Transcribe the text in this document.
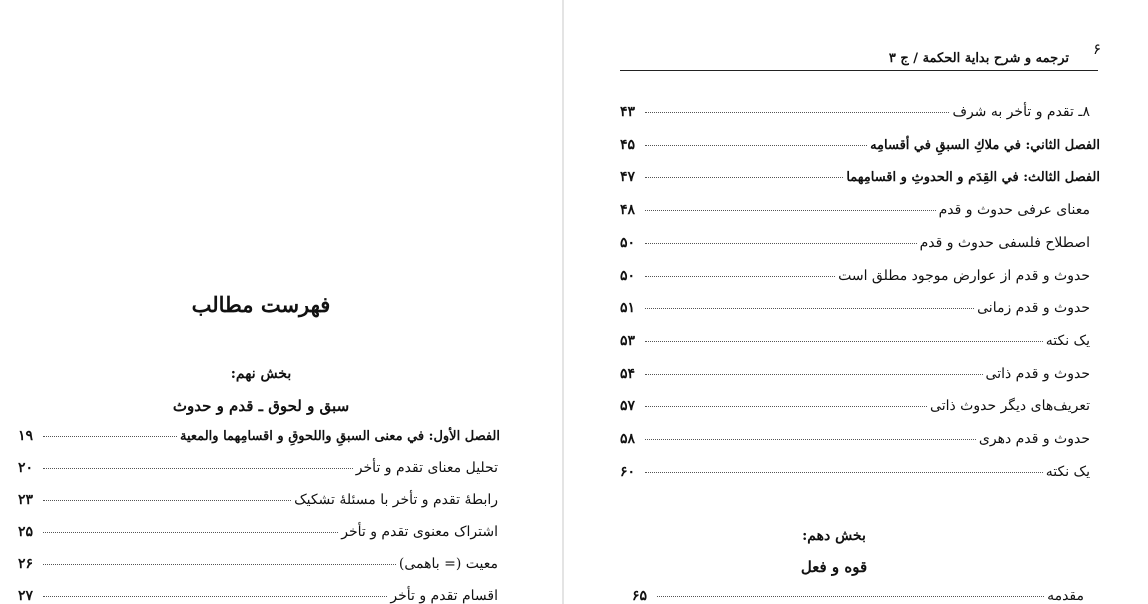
فهرست مطالب
بخش نهم:
سبق و لحوق ـ قدم و حدوث
الفصل الأول: في معنى السبقِ واللحوقِ و اقسامِهما والمعية
۱۹
تحلیل معنای تقدم و تأخر
۲۰
رابطهٔ تقدم و تأخر با مسئلهٔ تشکیک
۲۳
اشتراک معنوی تقدم و تأخر
۲۵
معیت (= باهمی)
۲۶
اقسام تقدم و تأخر
۲۷
۶
ترجمه و شرح بدایة الحکمة / ج ۳
۸ـ تقدم و تأخر به شرف
۴۳
الفصل الثاني: في ملاكِ السبقِ في أقسامِه
۴۵
الفصل الثالث: في القِدَم و الحدوثِ و اقسامِهما
۴۷
معنای عرفی حدوث و قدم
۴۸
اصطلاح فلسفی حدوث و قدم
۵۰
حدوث و قدم از عوارض موجود مطلق است
۵۰
حدوث و قدم زمانی
۵۱
یک نکته
۵۳
حدوث و قدم ذاتی
۵۴
تعریف‌های دیگر حدوث ذاتی
۵۷
حدوث و قدم دهری
۵۸
یک نکته
۶۰
بخش دهم:
قوه و فعل
مقدمه
۶۵
